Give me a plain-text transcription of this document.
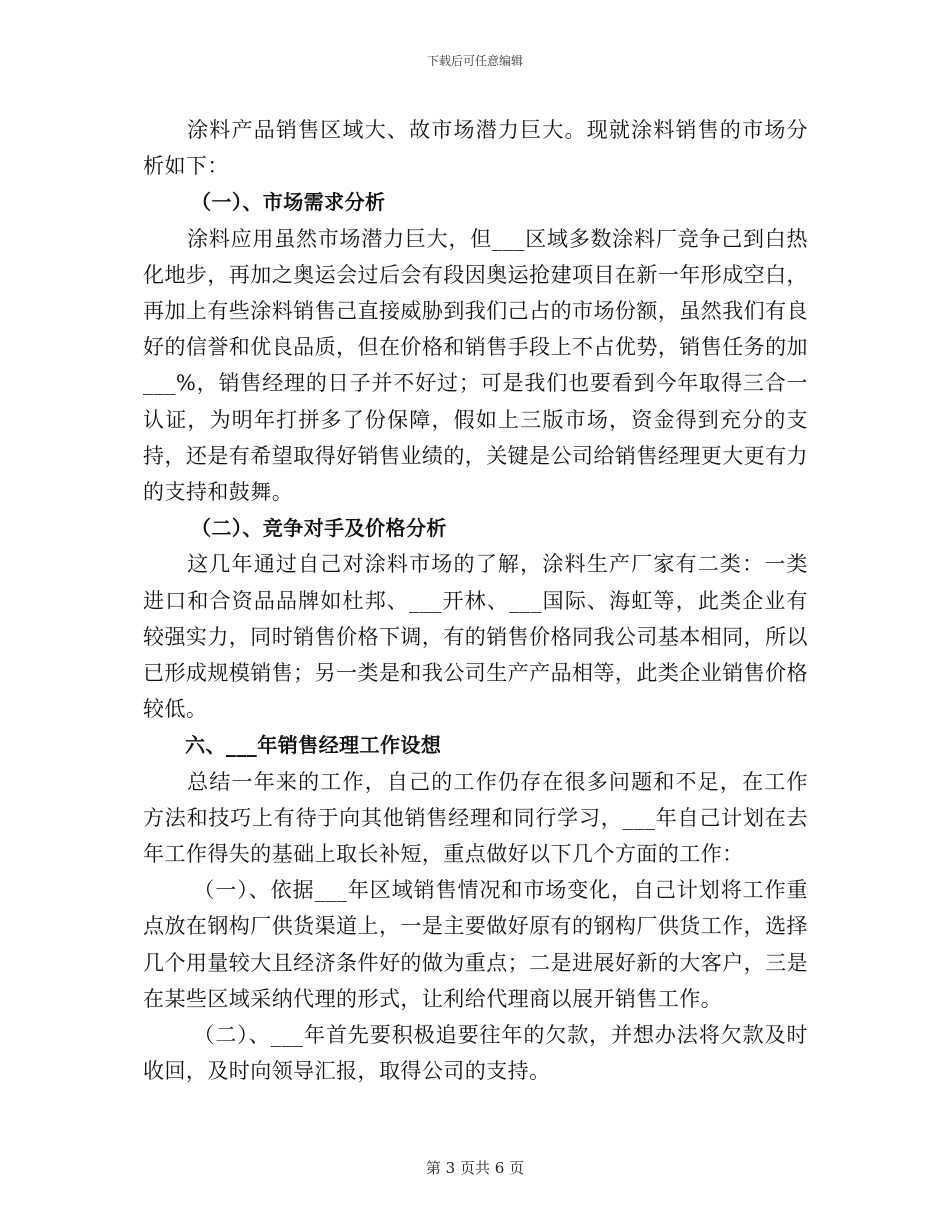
下载后可任意编辑

涂料产品销售区域大、故市场潜力巨大。现就涂料销售的市场分析如下：

（一）、市场需求分析

涂料应用虽然市场潜力巨大，但___区域多数涂料厂竞争己到白热化地步，再加之奥运会过后会有段因奥运抢建项目在新一年形成空白，再加上有些涂料销售己直接威胁到我们己占的市场份额，虽然我们有良好的信誉和优良品质，但在价格和销售手段上不占优势，销售任务的加___%，销售经理的日子并不好过；可是我们也要看到今年取得三合一认证，为明年打拼多了份保障，假如上三版市场，资金得到充分的支持，还是有希望取得好销售业绩的，关键是公司给销售经理更大更有力的支持和鼓舞。

（二）、竞争对手及价格分析

这几年通过自己对涂料市场的了解，涂料生产厂家有二类：一类进口和合资品品牌如杜邦、___开林、___国际、海虹等，此类企业有较强实力，同时销售价格下调，有的销售价格同我公司基本相同，所以已形成规模销售；另一类是和我公司生产产品相等，此类企业销售价格较低。

六、___年销售经理工作设想

总结一年来的工作，自己的工作仍存在很多问题和不足，在工作方法和技巧上有待于向其他销售经理和同行学习，___年自己计划在去年工作得失的基础上取长补短，重点做好以下几个方面的工作：

（一）、依据___年区域销售情况和市场变化，自己计划将工作重点放在钢构厂供货渠道上，一是主要做好原有的钢构厂供货工作，选择几个用量较大且经济条件好的做为重点；二是进展好新的大客户，三是在某些区域采纳代理的形式，让利给代理商以展开销售工作。

（二）、___年首先要积极追要往年的欠款，并想办法将欠款及时收回，及时向领导汇报，取得公司的支持。

第 3 页共 6 页
